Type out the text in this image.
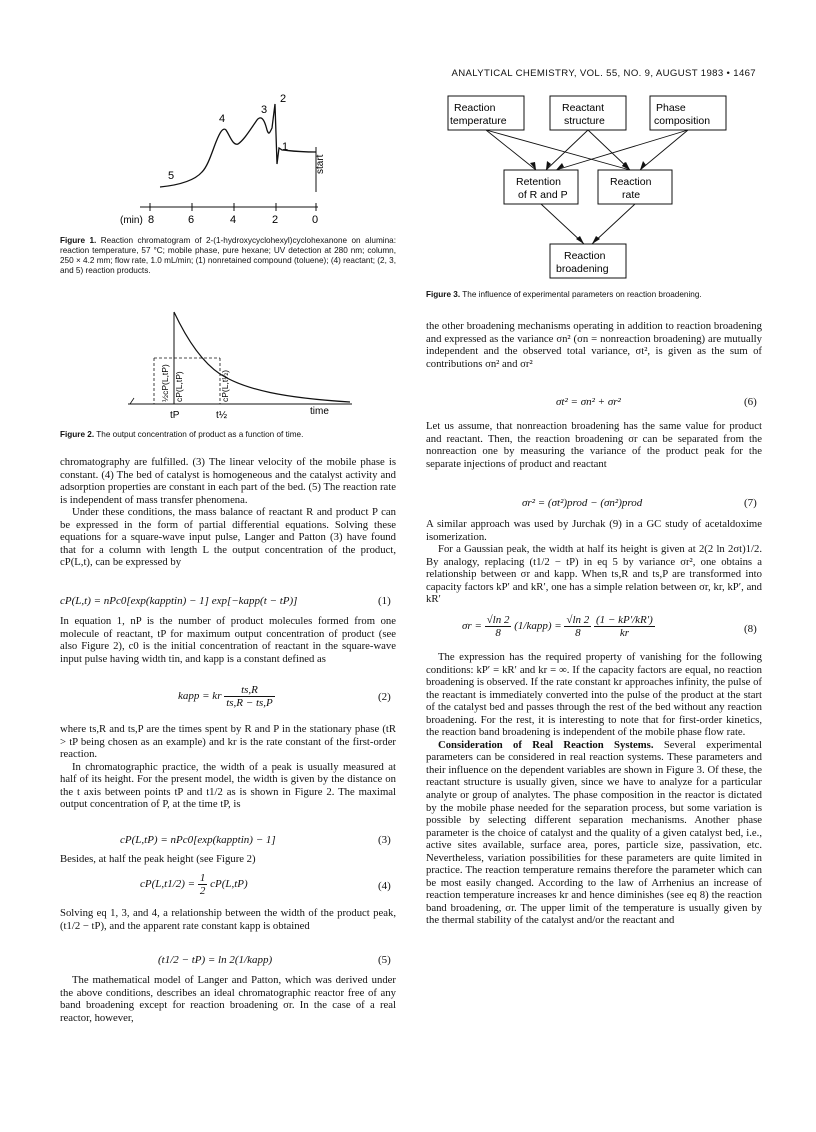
ANALYTICAL CHEMISTRY, VOL. 55, NO. 9, AUGUST 1983 • 1467
2
3
4
1
5
start
(min) 8	6	4	2	0
Figure 1. Reaction chromatogram of 2-(1-hydroxycyclohexyl)cyclohexanone on alumina: reaction temperature, 57 °C; mobile phase, pure hexane; UV detection at 280 nm; column, 250 × 4.2 mm; flow rate, 1.0 mL/min; (1) nonretained compound (toluene); (4) reactant; (2, 3, and 5) reaction products.
½cP(L,tP) cP(L,tP)	cP(L,t½)
tP	t½	time
Figure 2. The output concentration of product as a function of time.
Reaction
temperature
Reactant
structure
Phase
composition
Retention
of R and P
Reaction
rate
Reaction
broadening
Figure 3. The influence of experimental parameters on reaction broadening.

chromatography are fulfilled. (3) The linear velocity of the mobile phase is constant. (4) The bed of catalyst is homogeneous and the catalyst activity and adsorption properties are constant in each part of the bed. (5) The reaction rate is independent of mass transfer phenomena.

Under these conditions, the mass balance of reactant R and product P can be expressed in the form of partial differential equations. Solving these equations for a square-wave input pulse, Langer and Patton (3) have found that for a column with length L the output concentration of the product, cP(L,t), can be expressed by

cP(L,t) = nPc0[exp(kapptin) − 1] exp[−kapp(t − tP)]	(1)

In equation 1, nP is the number of product molecules formed from one molecule of reactant, tP for maximum output concentration of product (see also Figure 2), c0 is the initial concentration of reactant in the square-wave input pulse having width tin, and kapp is a constant defined as

kapp = kr $\frac{ts,R}{ts,R - ts,P}$	(2)

where ts,R and ts,P are the times spent by R and P in the stationary phase (tR > tP being chosen as an example) and kr is the rate constant of the first-order reaction.

In chromatographic practice, the width of a peak is usually measured at half of its height. For the present model, the width is given by the distance on the t axis between points tP and t1/2 as is shown in Figure 2. The maximal output concentration of P, at the time tP, is

cP(L,tP) = nPc0[exp(kapptin) − 1]	(3)

Besides, at half the peak height (see Figure 2)

$cP(L,t1/2) = \frac{1}{2} cP(L,tP)$	(4)

Solving eq 1, 3, and 4, a relationship between the width of the product peak, (t1/2 − tP), and the apparent rate constant kapp is obtained

(t1/2 − tP) = ln 2(1/kapp)	(5)

The mathematical model of Langer and Patton, which was derived under the above conditions, describes an ideal chromatographic reactor free of any band broadening except for reaction broadening σr. In the case of a real reactor, however,

the other broadening mechanisms operating in addition to reaction broadening and expressed as the variance σn² (σn = nonreaction broadening) are mutually independent and the observed total variance, σt², is given as the sum of contributions σn² and σr²

σt² = σn² + σr²	(6)

Let us assume, that nonreaction broadening has the same value for product and reactant. Then, the reaction broadening σr can be separated from the nonreaction one by measuring the variance of the product peak for the separate injections of product and reactant

σr² = (σt²)prod − (σn²)prod	(7)

A similar approach was used by Jurchak (9) in a GC study of acetaldoxime isomerization.

For a Gaussian peak, the width at half its height is given at 2(2 ln 2σt)1/2. By analogy, replacing (t1/2 − tP) in eq 5 by variance σr², one obtains a relationship between σr and kapp. When ts,R and ts,P are transformed into capacity factors kP′ and kR′, one has a simple relation between σr, kr, kP′, and kR′

$\sigma r = \frac{√\ln 2}{8}$ (1/kapp) = $\frac{√\ln 2}{8}$
$\frac{(1 - kP'/kR')}{kr}$	(8)

The expression has the required property of vanishing for the following conditions: kP′ = kR′ and kr = ∞. If the capacity factors are equal, no reaction broadening is observed. If the rate constant kr approaches infinity, the pulse of the reactant is immediately converted into the pulse of the product at the start of the catalyst bed and passes through the rest of the bed without any reaction broadening. For the rest, it is interesting to note that for first-order kinetics, the reaction band broadening is independent of the mobile phase flow rate.

Consideration of Real Reaction Systems. Several experimental parameters can be considered in real reaction systems. These parameters and their influence on the dependent variables are shown in Figure 3. Of these, the reactant structure is usually given, since we have to analyze for a particular analyte or group of analytes. The phase composition in the reactor is dictated by the mobile phase needed for the separation process, but some variation is possible by selecting different separation mechanisms. Another phase parameter is the choice of catalyst and the quality of a given catalyst bed, i.e., active sites available, surface area, pores, particle size, passivation, etc. Nevertheless, variation possibilities for these parameters are quite limited in practice. The reaction temperature remains therefore the parameter which can be most easily changed. According to the law of Arrhenius an increase of reaction temperature increases kr and hence diminishes (see eq 8) the reaction band broadening, σr. The upper limit of the temperature is usually given by the thermal stability of the catalyst and/or the reactant and
